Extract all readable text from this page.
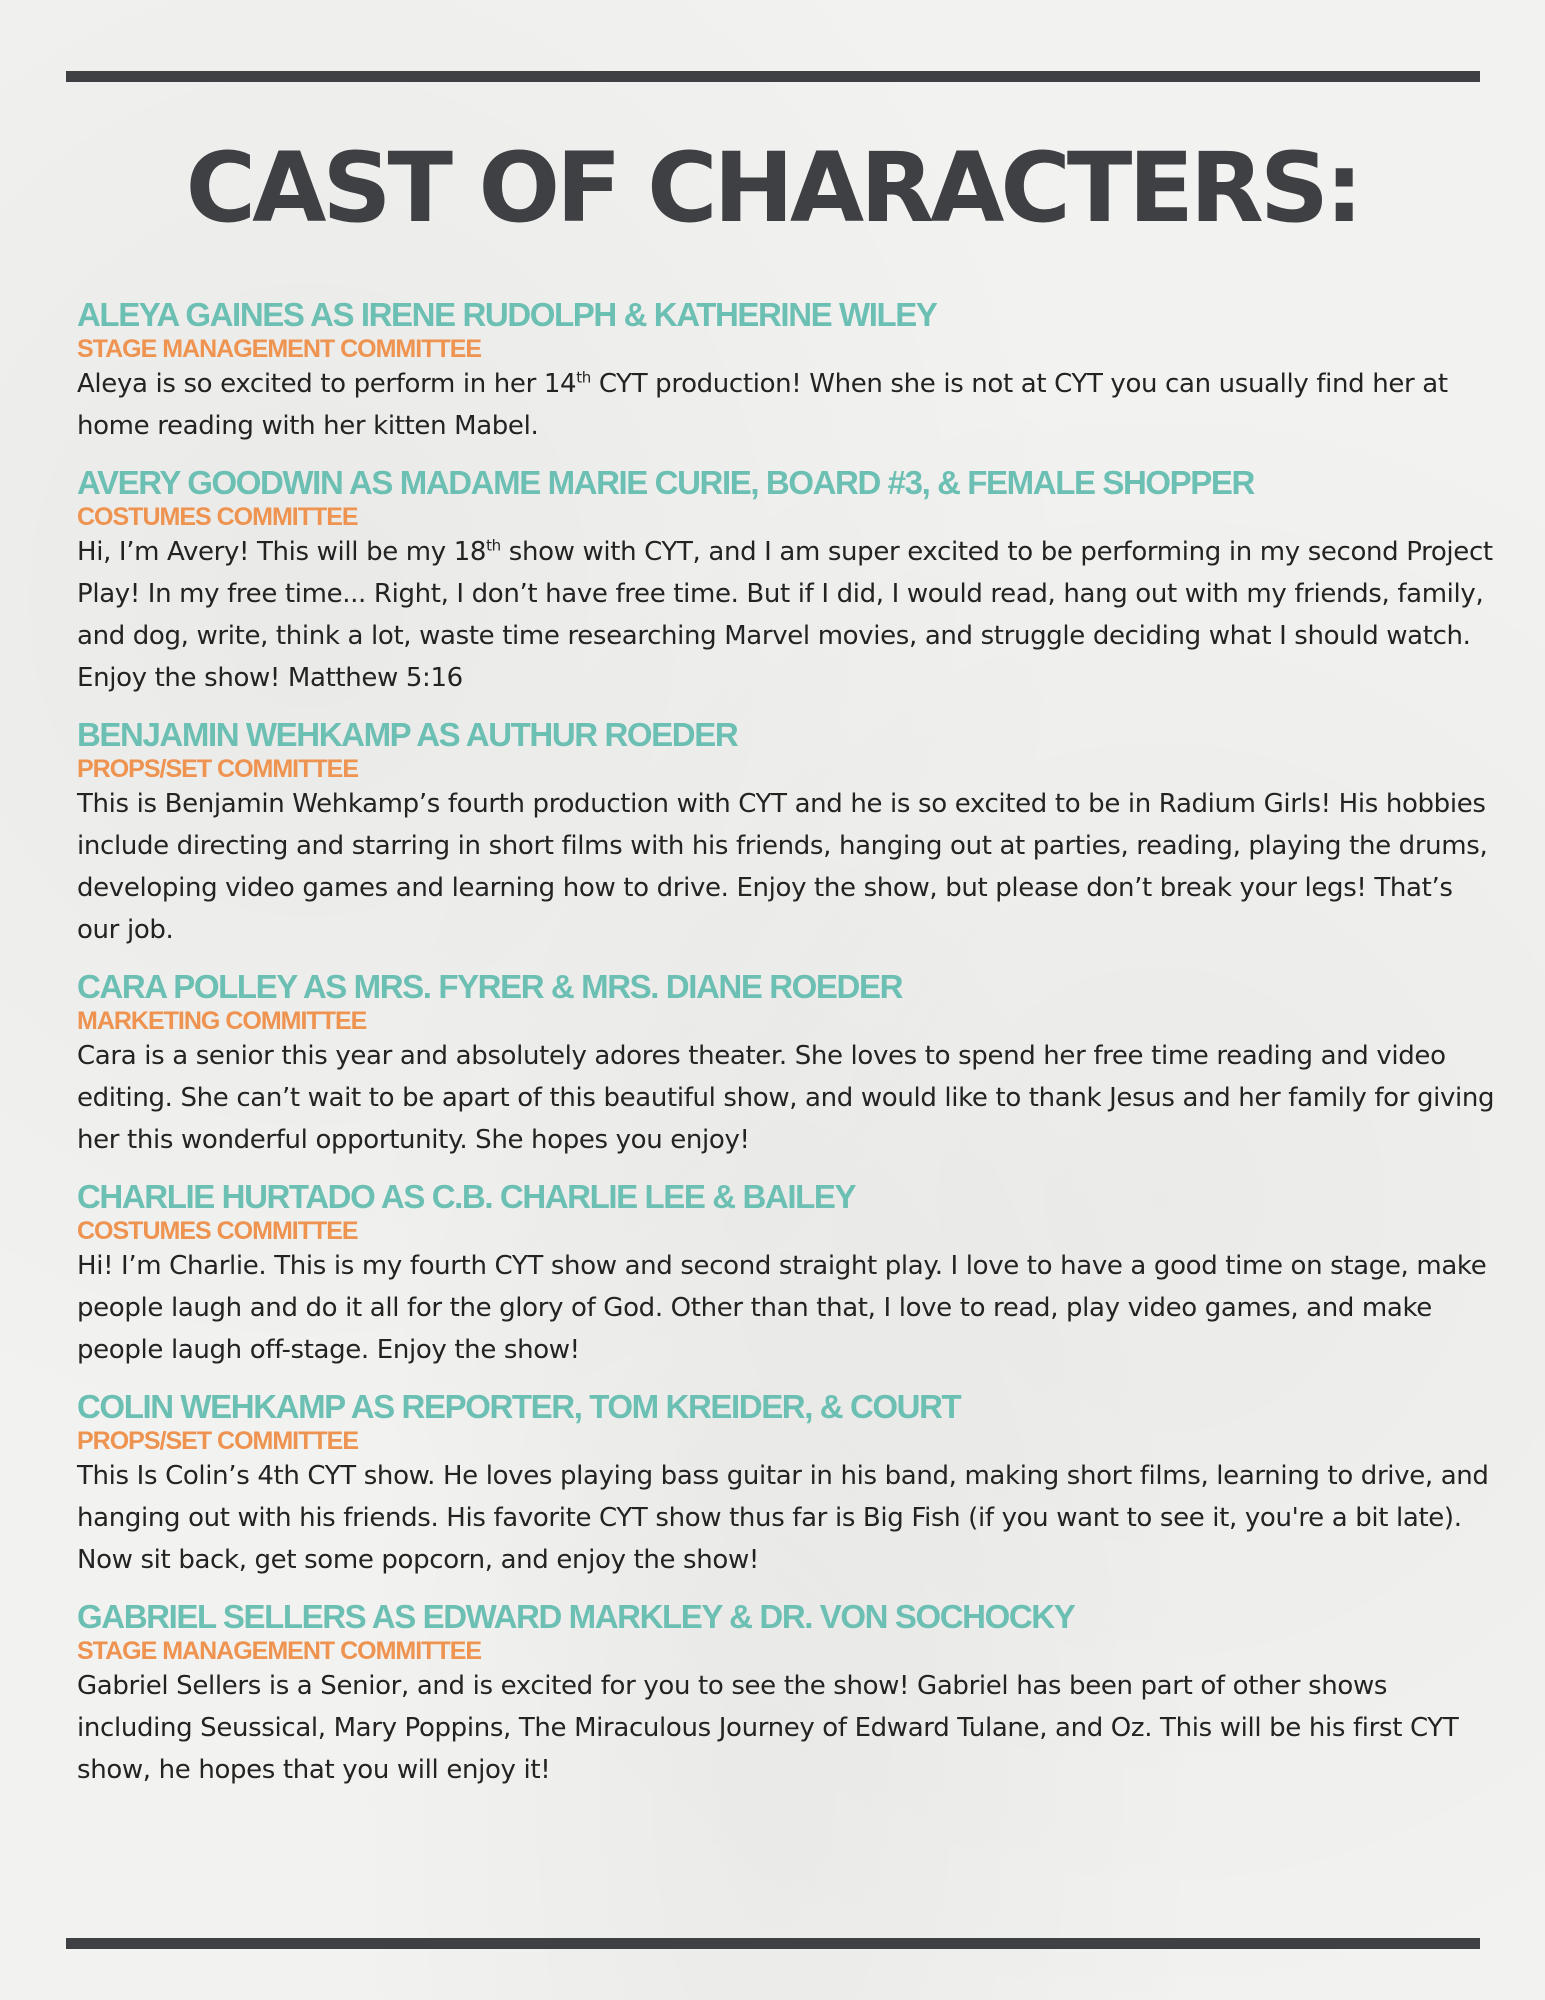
CAST OF CHARACTERS:
ALEYA GAINES AS IRENE RUDOLPH & KATHERINE WILEY
STAGE MANAGEMENT COMMITTEE
Aleya is so excited to perform in her 14th CYT production! When she is not at CYT you can usually find her at home reading with her kitten Mabel.
AVERY GOODWIN AS MADAME MARIE CURIE, BOARD #3, & FEMALE SHOPPER
COSTUMES COMMITTEE
Hi, I’m Avery! This will be my 18th show with CYT, and I am super excited to be performing in my second Project Play! In my free time... Right, I don’t have free time. But if I did, I would read, hang out with my friends, family, and dog, write, think a lot, waste time researching Marvel movies, and struggle deciding what I should watch. Enjoy the show! Matthew 5:16
BENJAMIN WEHKAMP AS AUTHUR ROEDER
PROPS/SET COMMITTEE
This is Benjamin Wehkamp’s fourth production with CYT and he is so excited to be in Radium Girls! His hobbies include directing and starring in short films with his friends, hanging out at parties, reading, playing the drums, developing video games and learning how to drive. Enjoy the show, but please don’t break your legs! That’s our job.
CARA POLLEY AS MRS. FYRER & MRS. DIANE ROEDER
MARKETING COMMITTEE
Cara is a senior this year and absolutely adores theater. She loves to spend her free time reading and video editing. She can’t wait to be apart of this beautiful show, and would like to thank Jesus and her family for giving her this wonderful opportunity. She hopes you enjoy!
CHARLIE HURTADO AS C.B. CHARLIE LEE & BAILEY
COSTUMES COMMITTEE
Hi! I’m Charlie. This is my fourth CYT show and second straight play. I love to have a good time on stage, make people laugh and do it all for the glory of God. Other than that, I love to read, play video games, and make people laugh off-stage. Enjoy the show!
COLIN WEHKAMP AS REPORTER, TOM KREIDER, & COURT
PROPS/SET COMMITTEE
This Is Colin’s 4th CYT show. He loves playing bass guitar in his band, making short films, learning to drive, and hanging out with his friends. His favorite CYT show thus far is Big Fish (if you want to see it, you're a bit late). Now sit back, get some popcorn, and enjoy the show!
GABRIEL SELLERS AS EDWARD MARKLEY & DR. VON SOCHOCKY
STAGE MANAGEMENT COMMITTEE
Gabriel Sellers is a Senior, and is excited for you to see the show! Gabriel has been part of other shows including Seussical, Mary Poppins, The Miraculous Journey of Edward Tulane, and Oz. This will be his first CYT show, he hopes that you will enjoy it!
